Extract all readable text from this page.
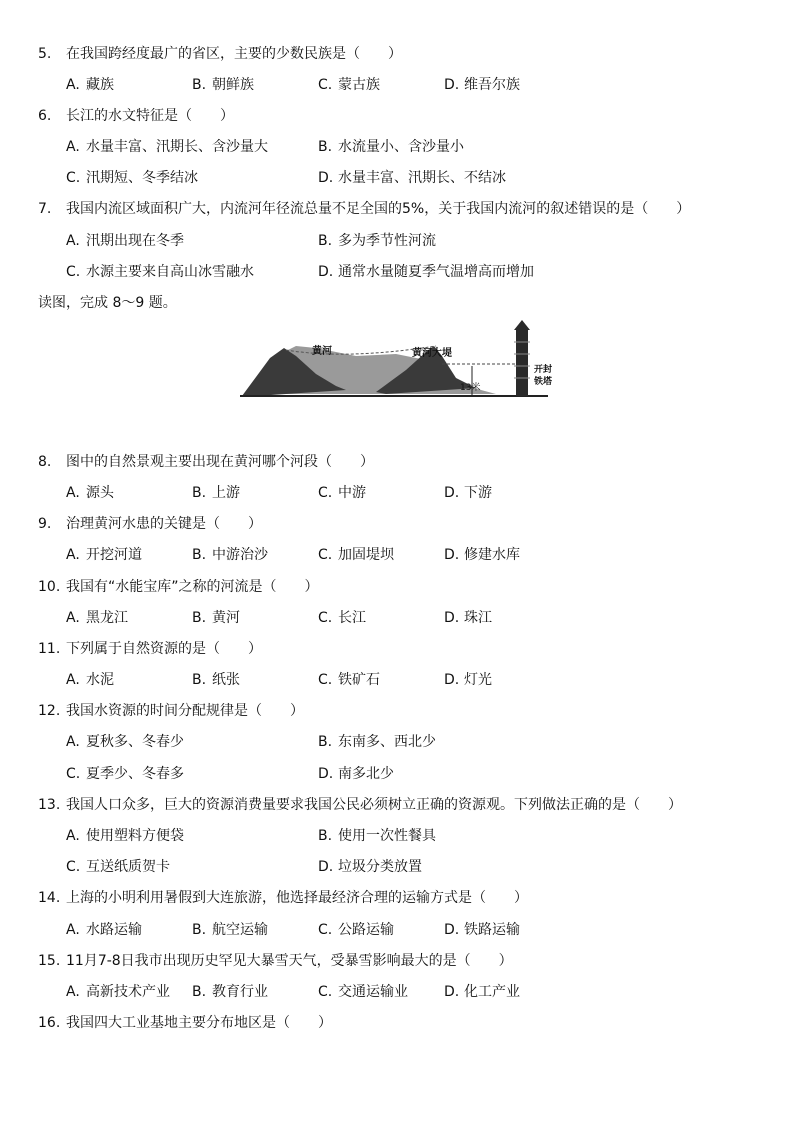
5. 在我国跨经度最广的省区，主要的少数民族是（　　）
A. 藏族	B. 朝鲜族	C. 蒙古族	D. 维吾尔族
6. 长江的水文特征是（　　）
A. 水量丰富、汛期长、含沙量大	B. 水流量小、含沙量小
C. 汛期短、冬季结冰	D. 水量丰富、汛期长、不结冰
7. 我国内流区域面积广大，内流河年径流总量不足全国的5%，关于我国内流河的叙述错误的是（　　）
A. 汛期出现在冬季	B. 多为季节性河流
C. 水源主要来自高山冰雪融水	D. 通常水量随夏季气温增高而增加
读图，完成 8～9 题。
13米
黄河	黄河大堤
开封
铁塔
8. 图中的自然景观主要出现在黄河哪个河段（　　）
A. 源头	B. 上游	C. 中游	D. 下游
9. 治理黄河水患的关键是（　　）
A. 开挖河道	B. 中游治沙	C. 加固堤坝	D. 修建水库
10. 我国有“水能宝库”之称的河流是（　　）
A. 黑龙江	B. 黄河	C. 长江	D. 珠江
11. 下列属于自然资源的是（　　）
A. 水泥	B. 纸张	C. 铁矿石	D. 灯光
12. 我国水资源的时间分配规律是（　　）
A. 夏秋多、冬春少	B. 东南多、西北少
C. 夏季少、冬春多	D. 南多北少
13. 我国人口众多，巨大的资源消费量要求我国公民必须树立正确的资源观。下列做法正确的是（　　）
A. 使用塑料方便袋	B. 使用一次性餐具
C. 互送纸质贺卡	D. 垃圾分类放置
14. 上海的小明利用暑假到大连旅游，他选择最经济合理的运输方式是（　　）
A. 水路运输	B. 航空运输	C. 公路运输	D. 铁路运输
15. 11月7-8日我市出现历史罕见大暴雪天气，受暴雪影响最大的是（　　）
A. 高新技术产业 B. 教育行业	C. 交通运输业	D. 化工产业
16. 我国四大工业基地主要分布地区是（　　）
